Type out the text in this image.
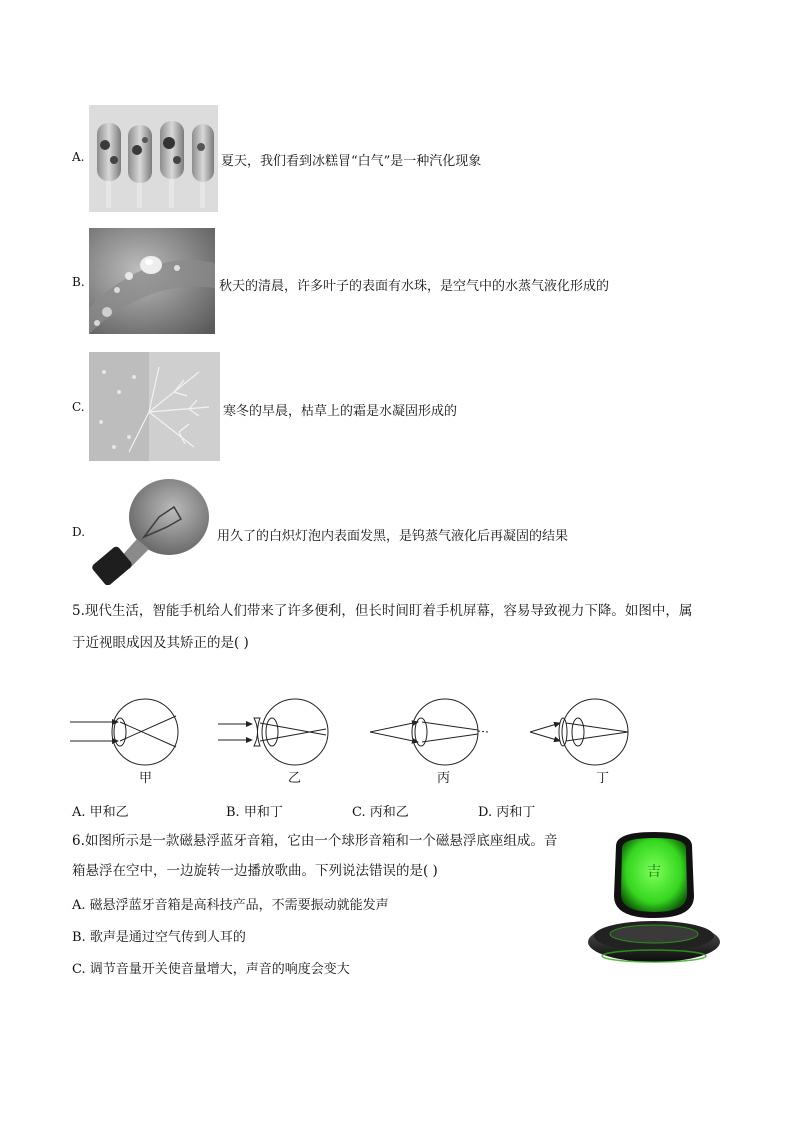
A.	夏天，我们看到冰糕冒“白气”是一种汽化现象
B.	秋天的清晨，许多叶子的表面有水珠，是空气中的水蒸气液化形成的
C.	寒冬的早晨，枯草上的霜是水凝固形成的
D.	用久了的白炽灯泡内表面发黑，是钨蒸气液化后再凝固的结果
5.现代生活，智能手机给人们带来了许多便利，但长时间盯着手机屏幕，容易导致视力下降。如图中，属
于近视眼成因及其矫正的是( )
甲	乙	丙	丁
A. 甲和乙	B. 甲和丁	C. 丙和乙	D. 丙和丁
6.如图所示是一款磁悬浮蓝牙音箱，它由一个球形音箱和一个磁悬浮底座组成。音
箱悬浮在空中，一边旋转一边播放歌曲。下列说法错误的是( )
A. 磁悬浮蓝牙音箱是高科技产品，不需要振动就能发声
B. 歌声是通过空气传到人耳的
C. 调节音量开关使音量增大，声音的响度会变大
吉
